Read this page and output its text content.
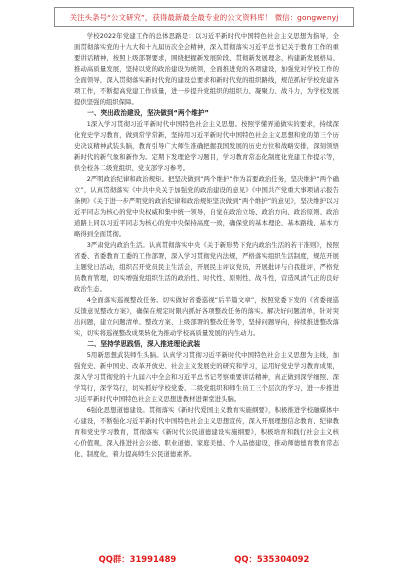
关注头条号“公文研究”，获得最新最全最专业的公文资料库！ 微信：gongwenyj

学校2022年党建工作的总体思路是：以习近平新时代中国特色社会主义思想为指导，全面贯彻落实党的十九大和十九届历次全会精神，深入贯彻落实习近平总书记关于教育工作的重要讲话精神，按照上级部署要求，围绕把握新发展阶段、贯彻新发展理念、构建新发展格局、推动高质量发展，坚持以党的政治建设为统领，全面推进党的各项建设，加强党对学校工作的全面领导，深入贯彻落实新时代党的建设总要求和新时代党的组织路线，规范抓好学校党建各项工作，不断提高党建工作质量，进一步提升党组织的组织力、凝聚力、战斗力，为学校发展提供坚强的组织保障。

一、突出政治建设，坚决做到“两个维护”

1深入学习贯彻习近平新时代中国特色社会主义思想。按照学懂弄通做实的要求，持续深化党史学习教育，做到常学常新，坚持用习近平新时代中国特色社会主义思想和党的第三个历史决议精神武装头脑，教育引导广大师生准确把握我国发展的历史方位和战略安排，深刻领悟新时代的新气象和新作为。定期下发理论学习题目，学习教育常态化制度化党建工作提示等，供全校各二级党组织、党支部学习参考。

2严明政治纪律和政治规矩。把坚决做到“两个维护”作为首要政治任务，坚决维护“两个确立”，认真贯彻落实《中共中央关于加强党的政治建设的意见》《中国共产党重大事项请示报告条例》《关于进一步严明党的政治纪律和政治规矩坚决做到“两个维护”的意见》，坚决维护以习近平同志为核心的党中央权威和集中统一领导，自觉在政治立场、政治方向、政治原则、政治道路上同以习近平同志为核心的党中央保持高度一致，确保党的基本理论、基本路线、基本方略得到全面贯彻。

3严肃党内政治生活。认真贯彻落实中央《关于新形势下党内政治生活的若干准则》，按照省委、省委教育工委的工作部署，深入学习贯彻党内法规，严格落实组织生活制度，规范开展主题党日活动，组织召开党员民主生活会，开展民主评议党员，开展批评与自我批评，严格党员教育管理，切实增强党组织生活的政治性、时代性、原则性、战斗性，营造风清气正的良好政治生态。

4全面落实巡视整改任务。切实做好省委巡视“后半篇文章”，按照党委下发的《省委视巡反馈意见整改方案》，确保在规定时限内抓好各项整改任务的落实。解决好问题清单，针对突出问题，建立问题清单、整改方案、上级部署的整改任务等，坚持问题导向，持续推进整改落实，切实将巡视整改成果转化为推动学校高质量发展的内生动力。

二、坚持学思践悟，深入推进理论武装

5用新思想武装师生头脑。认真学习贯彻习近平新时代中国特色社会主义思想为主线，加强党史、新中国史、改革开放史、社会主义发展史的研究和学习，运用好党史学习教育成果，深入学习贯彻党的十九届六中全会和习近平总书记考察重要讲话精神，真正做到深学细照、深学笃行，深学笃行，切实抓好学校党委、二级党组织和师生员工三个层次的学习，进一步推进习近平新时代中国特色社会主义思想进教材进课堂进头脑。

6强化思想道德建设。贯彻落实《新时代爱国主义教育实施纲要》，积极推进学校融媒体中心建设，不断强化习近平新时代中国特色社会主义思想宣传，深入开展理想信念教育、纪律教育和党史学习教育，贯彻落实《新时代公民道德建设实施纲要》，积极培育和践行社会主义核心价值观，深入推进社会公德、职业道德、家庭美德、个人品德建设，推动师德德育教育常态化、制度化，着力提高师生公民道德素养。

QQ群：31991489	QQ：535304092
